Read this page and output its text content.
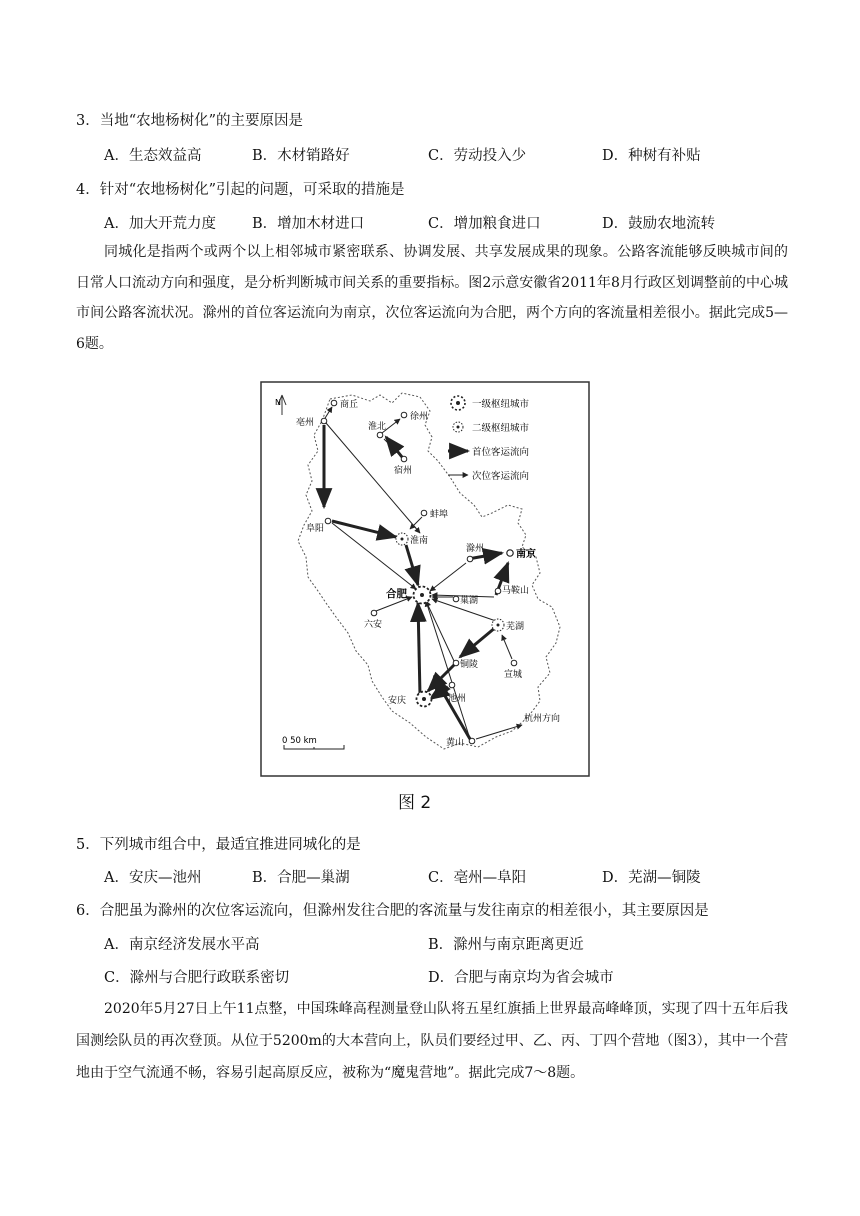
3．当地“农地杨树化”的主要原因是
A．生态效益高	B．木材销路好	C．劳动投入少	D．种树有补贴
4．针对“农地杨树化”引起的问题，可采取的措施是
A．加大开荒力度 B．增加木材进口	C．增加粮食进口	D．鼓励农地流转
同城化是指两个或两个以上相邻城市紧密联系、协调发展、共享发展成果的现象。公路客流能够反映城市间的日常人口流动方向和强度，是分析判断城市间关系的重要指标。图2示意安徽省2011年8月行政区划调整前的中心城市间公路客流状况。滁州的首位客运流向为南京，次位客运流向为合肥，两个方向的客流量相差很小。据此完成5—6题。
N	一级枢纽城市
二级枢纽城市
首位客运流向
次位客运流向
商丘
徐州
淮北
宿州
亳州
蚌埠
阜阳
淮南
滁州	南京
合肥
六安
巢湖
马鞍山
芜湖
铜陵
宣城
安庆	池州
杭州方向
黄山
0 50 km
图 2
5．下列城市组合中，最适宜推进同城化的是
A．安庆—池州	B．合肥—巢湖	C．亳州—阜阳	D．芜湖—铜陵
6．合肥虽为滁州的次位客运流向，但滁州发往合肥的客流量与发往南京的相差很小，其主要原因是
A．南京经济发展水平高	B．滁州与南京距离更近
C．滁州与合肥行政联系密切	D．合肥与南京均为省会城市
2020年5月27日上午11点整，中国珠峰高程测量登山队将五星红旗插上世界最高峰峰顶，实现了四十五年后我国测绘队员的再次登顶。从位于5200m的大本营向上，队员们要经过甲、乙、丙、丁四个营地（图3），其中一个营地由于空气流通不畅，容易引起高原反应，被称为“魔鬼营地”。据此完成7～8题。
